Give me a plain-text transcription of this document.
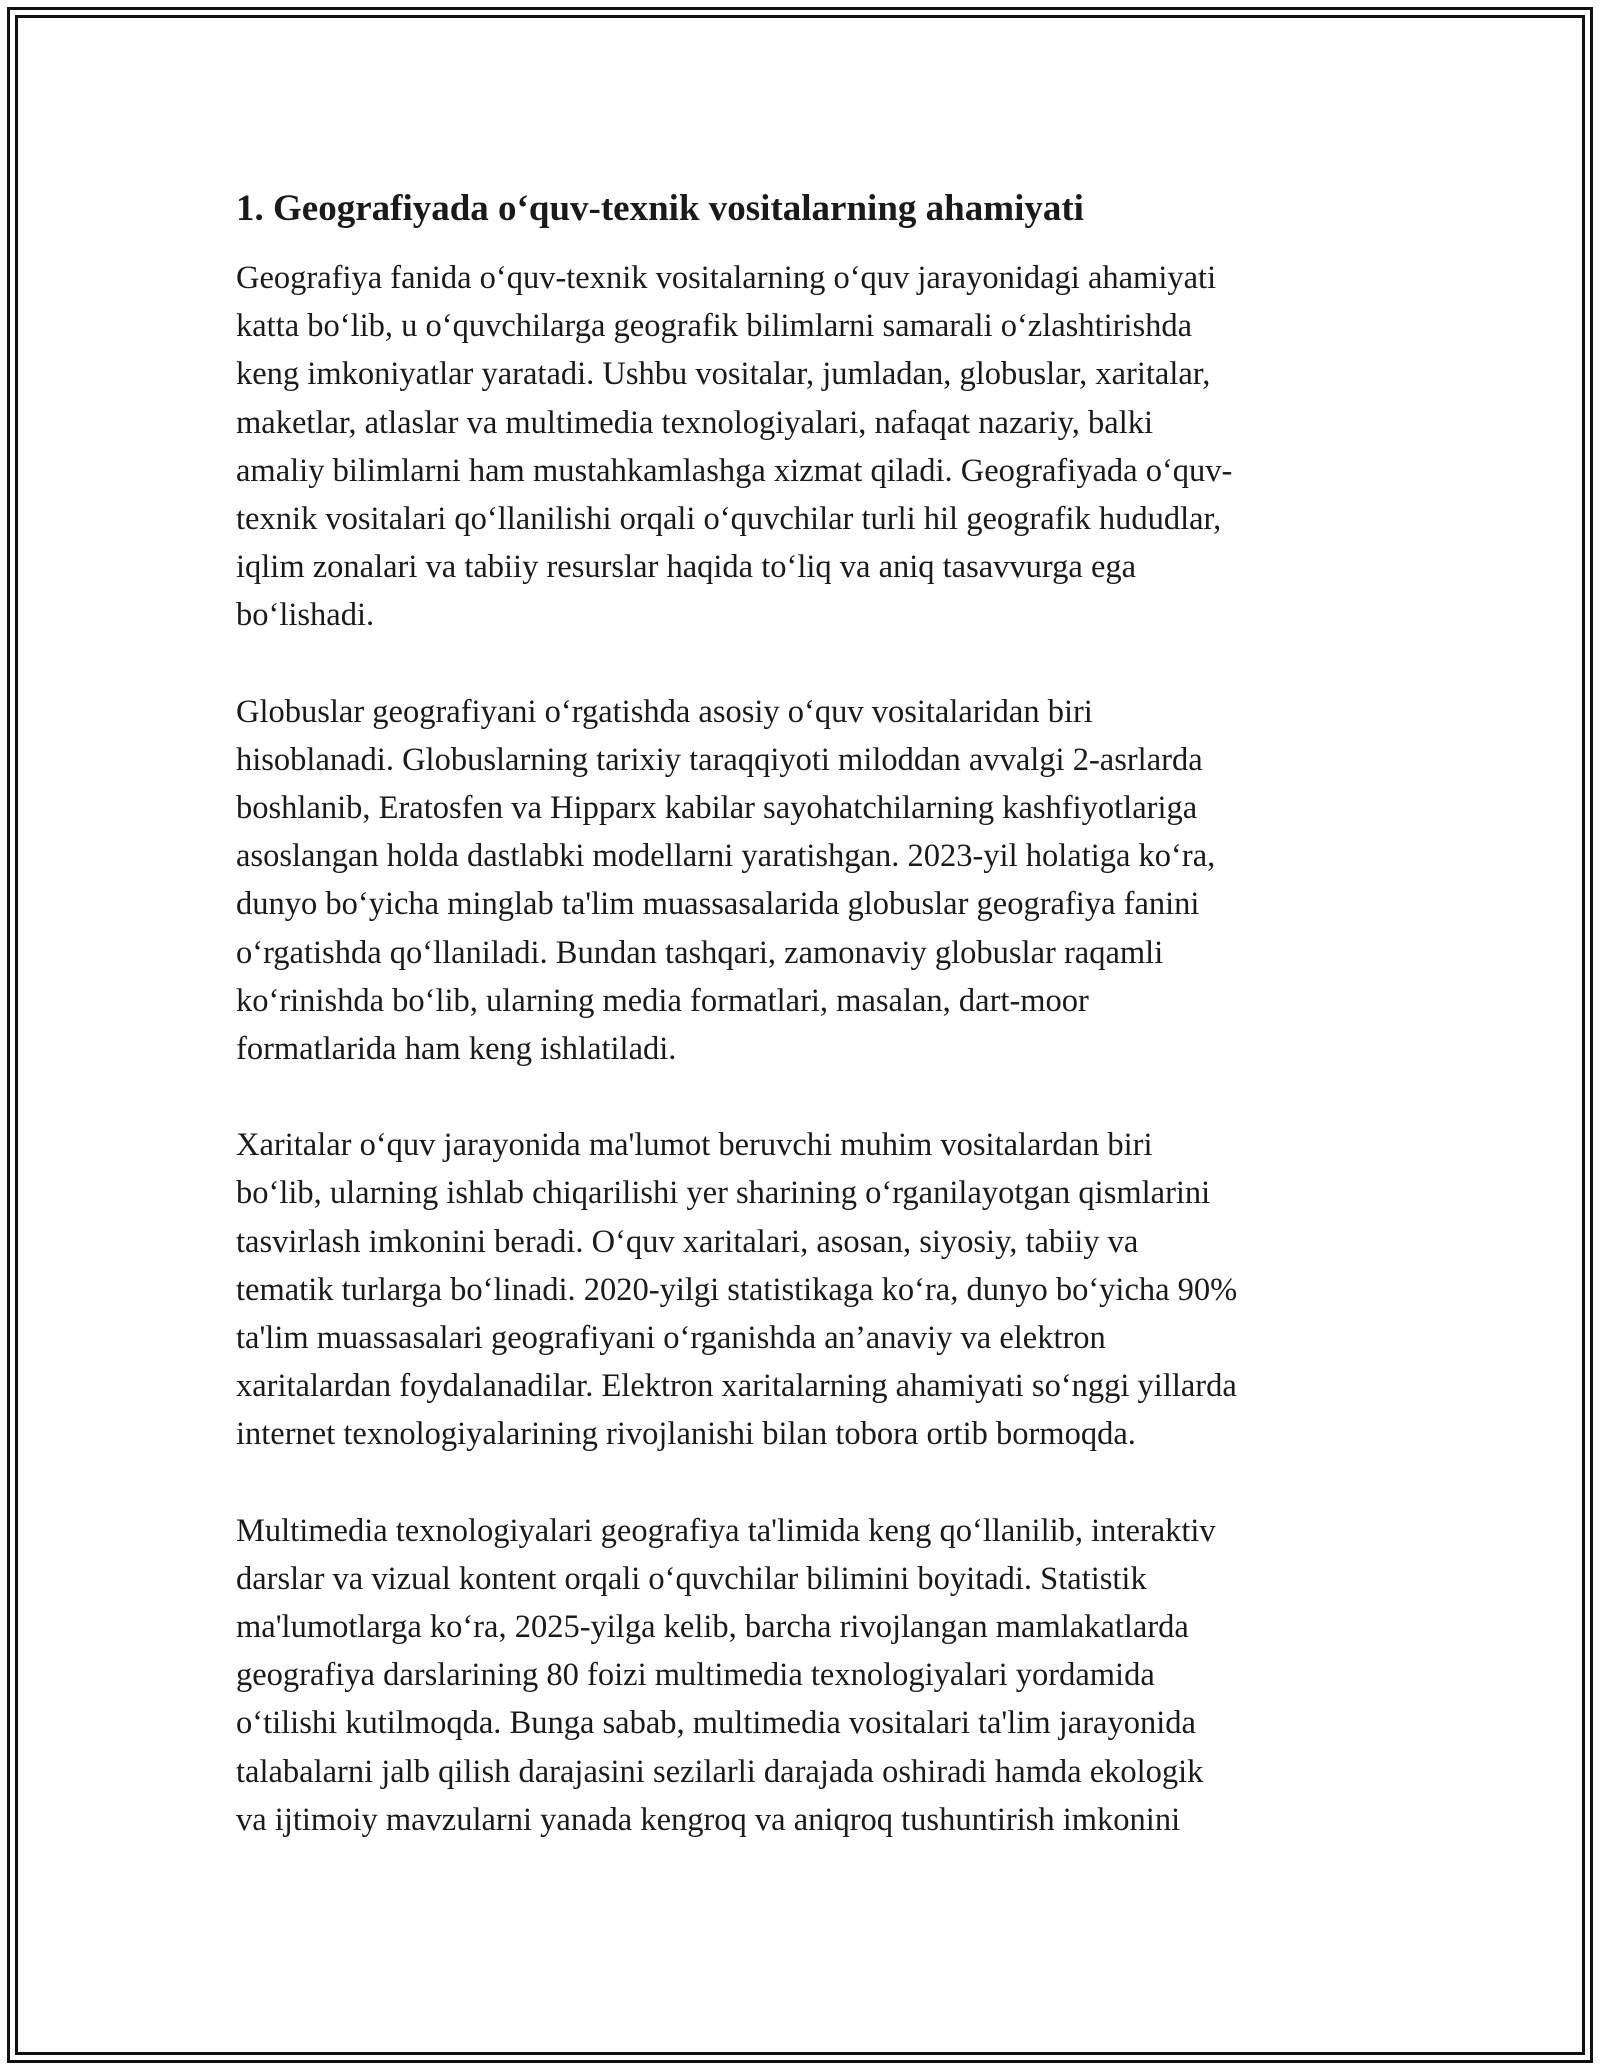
1. Geografiyada o‘quv-texnik vositalarning ahamiyati
Geografiya fanida o‘quv-texnik vositalarning o‘quv jarayonidagi ahamiyati
katta bo‘lib, u o‘quvchilarga geografik bilimlarni samarali o‘zlashtirishda
keng imkoniyatlar yaratadi. Ushbu vositalar, jumladan, globuslar, xaritalar,
maketlar, atlaslar va multimedia texnologiyalari, nafaqat nazariy, balki
amaliy bilimlarni ham mustahkamlashga xizmat qiladi. Geografiyada o‘quv-
texnik vositalari qo‘llanilishi orqali o‘quvchilar turli hil geografik hududlar,
iqlim zonalari va tabiiy resurslar haqida to‘liq va aniq tasavvurga ega
bo‘lishadi.
Globuslar geografiyani o‘rgatishda asosiy o‘quv vositalaridan biri
hisoblanadi. Globuslarning tarixiy taraqqiyoti miloddan avvalgi 2-asrlarda
boshlanib, Eratosfen va Hipparx kabilar sayohatchilarning kashfiyotlariga
asoslangan holda dastlabki modellarni yaratishgan. 2023-yil holatiga ko‘ra,
dunyo bo‘yicha minglab ta'lim muassasalarida globuslar geografiya fanini
o‘rgatishda qo‘llaniladi. Bundan tashqari, zamonaviy globuslar raqamli
ko‘rinishda bo‘lib, ularning media formatlari, masalan, dart-moor
formatlarida ham keng ishlatiladi.
Xaritalar o‘quv jarayonida ma'lumot beruvchi muhim vositalardan biri
bo‘lib, ularning ishlab chiqarilishi yer sharining o‘rganilayotgan qismlarini
tasvirlash imkonini beradi. O‘quv xaritalari, asosan, siyosiy, tabiiy va
tematik turlarga bo‘linadi. 2020-yilgi statistikaga ko‘ra, dunyo bo‘yicha 90%
ta'lim muassasalari geografiyani o‘rganishda an’anaviy va elektron
xaritalardan foydalanadilar. Elektron xaritalarning ahamiyati so‘nggi yillarda
internet texnologiyalarining rivojlanishi bilan tobora ortib bormoqda.
Multimedia texnologiyalari geografiya ta'limida keng qo‘llanilib, interaktiv
darslar va vizual kontent orqali o‘quvchilar bilimini boyitadi. Statistik
ma'lumotlarga ko‘ra, 2025-yilga kelib, barcha rivojlangan mamlakatlarda
geografiya darslarining 80 foizi multimedia texnologiyalari yordamida
o‘tilishi kutilmoqda. Bunga sabab, multimedia vositalari ta'lim jarayonida
talabalarni jalb qilish darajasini sezilarli darajada oshiradi hamda ekologik
va ijtimoiy mavzularni yanada kengroq va aniqroq tushuntirish imkonini
